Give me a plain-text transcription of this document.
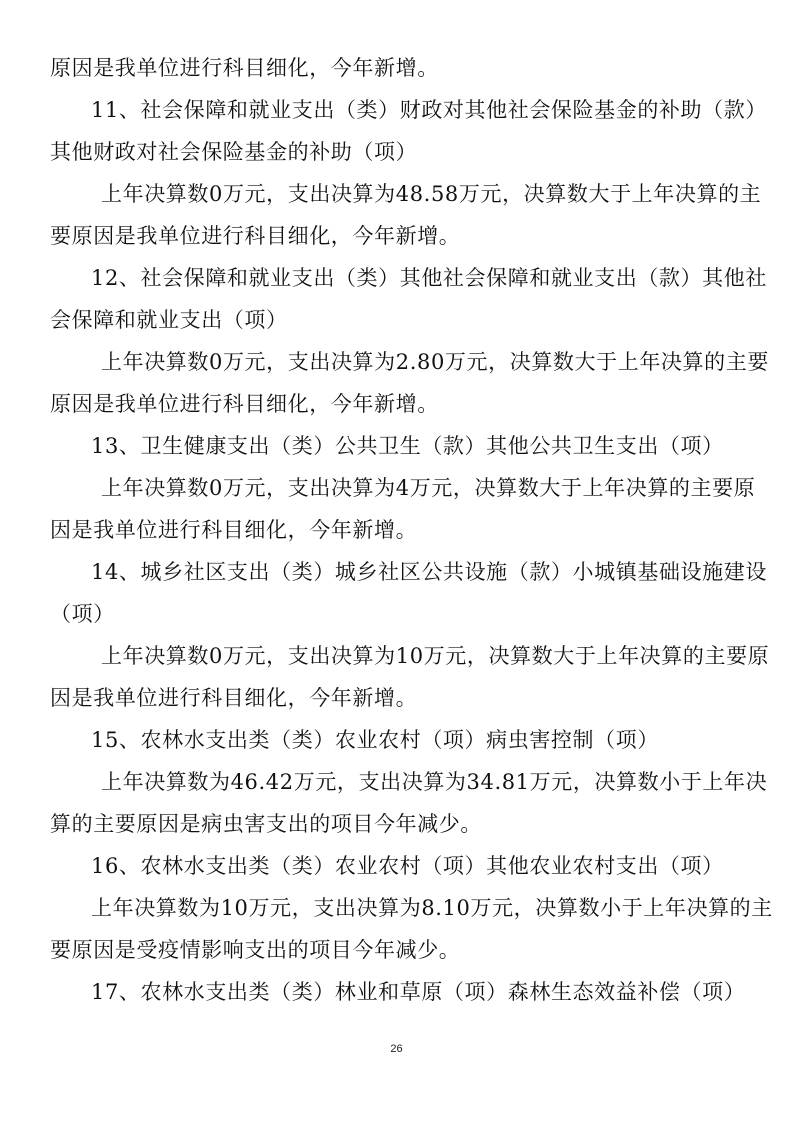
原因是我单位进行科目细化，今年新增。
11、社会保障和就业支出（类）财政对其他社会保险基金的补助（款）
其他财政对社会保险基金的补助（项）
上年决算数0万元，支出决算为48.58万元，决算数大于上年决算的主
要原因是我单位进行科目细化，今年新增。
12、社会保障和就业支出（类）其他社会保障和就业支出（款）其他社
会保障和就业支出（项）
上年决算数0万元，支出决算为2.80万元，决算数大于上年决算的主要
原因是我单位进行科目细化，今年新增。
13、卫生健康支出（类）公共卫生（款）其他公共卫生支出（项）
上年决算数0万元，支出决算为4万元，决算数大于上年决算的主要原
因是我单位进行科目细化，今年新增。
14、城乡社区支出（类）城乡社区公共设施（款）小城镇基础设施建设
（项）
上年决算数0万元，支出决算为10万元，决算数大于上年决算的主要原
因是我单位进行科目细化，今年新增。
15、农林水支出类（类）农业农村（项）病虫害控制（项）
上年决算数为46.42万元，支出决算为34.81万元，决算数小于上年决
算的主要原因是病虫害支出的项目今年减少。
16、农林水支出类（类）农业农村（项）其他农业农村支出（项）
上年决算数为10万元，支出决算为8.10万元，决算数小于上年决算的主
要原因是受疫情影响支出的项目今年减少。
17、农林水支出类（类）林业和草原（项）森林生态效益补偿（项）
26
